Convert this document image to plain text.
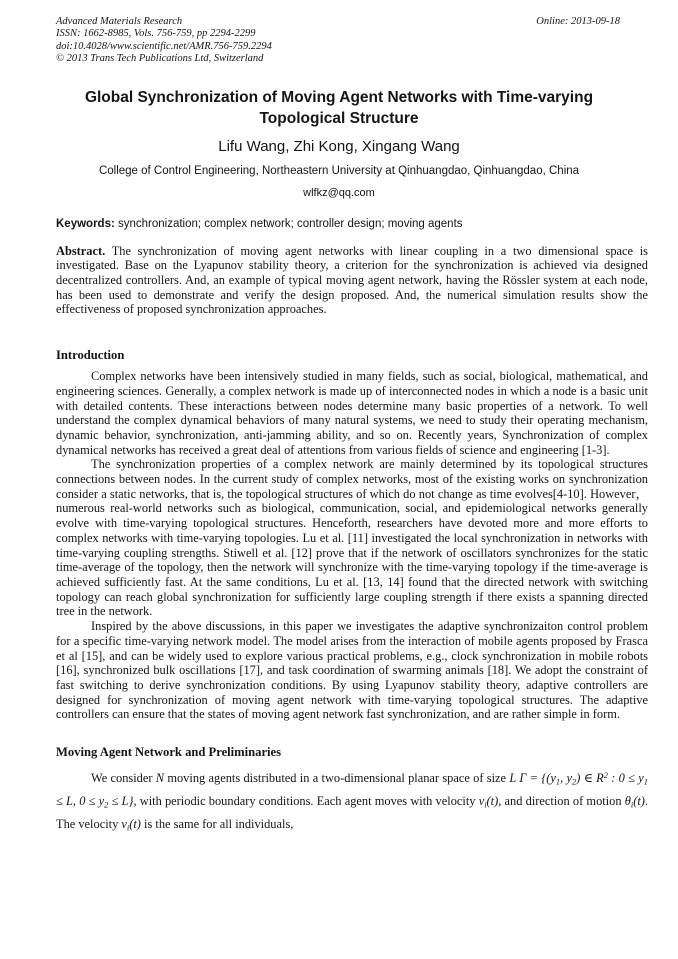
Advanced Materials Research
ISSN: 1662-8985, Vols. 756-759, pp 2294-2299
doi:10.4028/www.scientific.net/AMR.756-759.2294
© 2013 Trans Tech Publications Ltd, Switzerland
Online: 2013-09-18
Global Synchronization of Moving Agent Networks with Time-varying Topological Structure
Lifu Wang, Zhi Kong, Xingang Wang
College of Control Engineering, Northeastern University at Qinhuangdao, Qinhuangdao, China
wlfkz@qq.com
Keywords: synchronization; complex network; controller design; moving agents
Abstract. The synchronization of moving agent networks with linear coupling in a two dimensional space is investigated. Base on the Lyapunov stability theory, a criterion for the synchronization is achieved via designed decentralized controllers. And, an example of typical moving agent network, having the Rössler system at each node, has been used to demonstrate and verify the design proposed. And, the numerical simulation results show the effectiveness of proposed synchronization approaches.
Introduction

Complex networks have been intensively studied in many fields, such as social, biological, mathematical, and engineering sciences. Generally, a complex network is made up of interconnected nodes in which a node is a basic unit with detailed contents. These interactions between nodes determine many basic properties of a network. To well understand the complex dynamical behaviors of many natural systems, we need to study their operating mechanism, dynamic behavior, synchronization, anti-jamming ability, and so on. Recently years, Synchronization of complex dynamical networks has received a great deal of attentions from various fields of science and engineering [1-3].

The synchronization properties of a complex network are mainly determined by its topological structures connections between nodes. In the current study of complex networks, most of the existing works on synchronization consider a static networks, that is, the topological structures of which do not change as time evolves[4-10]. However，numerous real-world networks such as biological, communication, social, and epidemiological networks generally evolve with time-varying topological structures. Henceforth, researchers have devoted more and more efforts to complex networks with time-varying topologies. Lu et al. [11] investigated the local synchronization in networks with time-varying coupling strengths. Stiwell et al. [12] prove that if the network of oscillators synchronizes for the static time-average of the topology, then the network will synchronize with the time-varying topology if the time-average is achieved sufficiently fast. At the same conditions, Lu et al. [13, 14] found that the directed network with switching topology can reach global synchronization for sufficiently large coupling strength if there exists a spanning directed tree in the network.

Inspired by the above discussions, in this paper we investigates the adaptive synchronizaiton control problem for a specific time-varying network model. The model arises from the interaction of mobile agents proposed by Frasca et al [15], and can be widely used to explore various practical problems, e.g., clock synchronization in mobile robots [16], synchronized bulk oscillations [17], and task coordination of swarming animals [18]. We adopt the constraint of fast switching to derive synchronization conditions. By using Lyapunov stability theory, adaptive controllers are designed for synchronization of moving agent network with time-varying topological structures. The adaptive controllers can ensure that the states of moving agent network fast synchronization, and are rather simple in form.

Moving Agent Network and Preliminaries

We consider N moving agents distributed in a two-dimensional planar space of size L $\Gamma = \{(y_1$, $y_2$) ∈ $R^2$ : $0 \le y_1 \le L$, $0 \le y_2 \le L$}, with periodic boundary conditions. Each agent moves with velocity $v_i(t)$, and direction of motion $\theta_i(t)$. The velocity $v_i(t)$ is the same for all individuals,
